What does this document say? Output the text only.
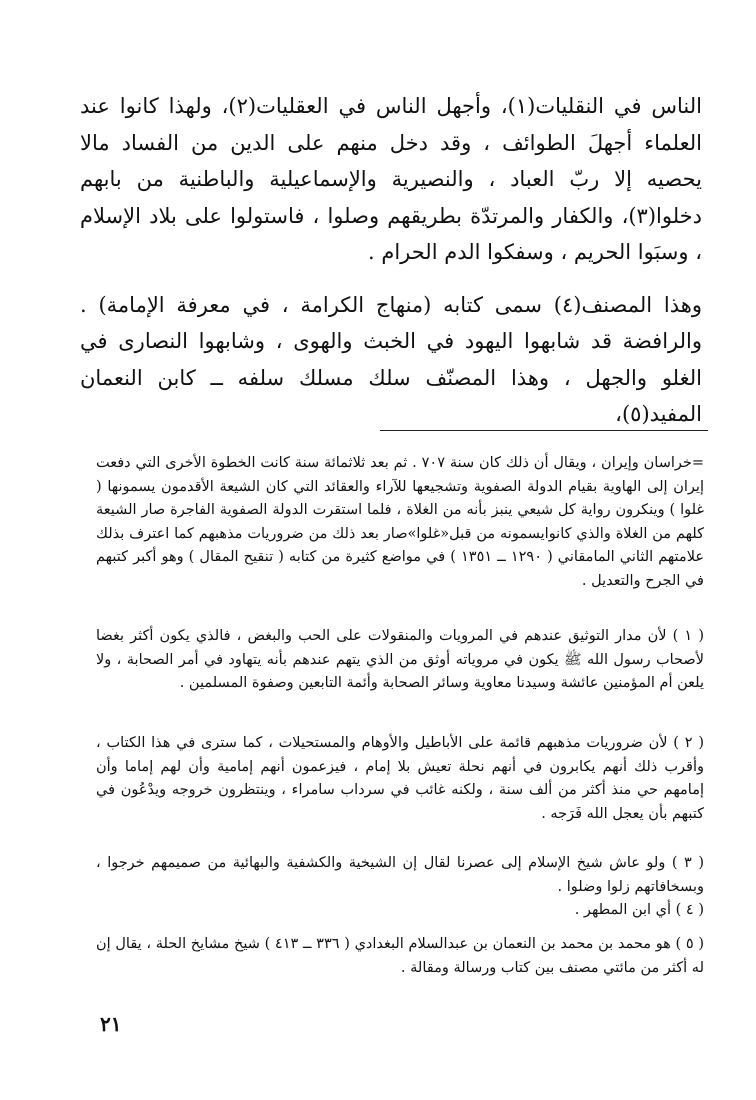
الناس في النقليات(١)، وأجهل الناس في العقليات(٢)، ولهذا كانوا عند العلماء أجهلَ الطوائف ، وقد دخل منهم على الدين من الفساد مالا يحصيه إلا ربّ العباد ، والنصيرية والإسماعيلية والباطنية من بابهم دخلوا(٣)، والكفار والمرتدّة بطريقهم وصلوا ، فاستولوا على بلاد الإسلام ، وسبَوا الحريم ، وسفكوا الدم الحرام .

وهذا المصنف(٤) سمى كتابه (منهاج الكرامة ، في معرفة الإمامة) . والرافضة قد شابهوا اليهود في الخبث والهوى ، وشابهوا النصارى في الغلو والجهل ، وهذا المصنّف سلك مسلك سلفه ــ كابن النعمان المفيد(٥)،

=خراسان وإيران ، ويقال أن ذلك كان سنة ٧٠٧ . ثم بعد ثلاثمائة سنة كانت الخطوة الأخرى التي دفعت إيران إلى الهاوية بقيام الدولة الصفوية وتشجيعها للآراء والعقائد التي كان الشيعة الأقدمون يسمونها ( غلوا ) وينكرون رواية كل شيعي ينبز بأنه من الغلاة ، فلما استقرت الدولة الصفوية الفاجرة صار الشيعة كلهم من الغلاة والذي كانوايسمونه من قبل«غلوا»صار بعد ذلك من ضروريات مذهبهم كما اعترف بذلك علامتهم الثاني المامقاني ( ١٢٩٠ ــ ١٣٥١ ) في مواضع كثيرة من كتابه ( تنقيح المقال ) وهو أكبر كتبهم في الجرح والتعديل .

( ١ ) لأن مدار التوثيق عندهم في المرويات والمنقولات على الحب والبغض ، فالذي يكون أكثر بغضا لأصحاب رسول الله ﷺ يكون في مروياته أوثق من الذي يتهم عندهم بأنه يتهاود في أمر الصحابة ، ولا يلعن أم المؤمنين عائشة وسيدنا معاوية وسائر الصحابة وأئمة التابعين وصفوة المسلمين .

( ٢ ) لأن ضروريات مذهبهم قائمة على الأباطيل والأوهام والمستحيلات ، كما سترى في هذا الكتاب ، وأقرب ذلك أنهم يكابرون في أنهم نحلة تعيش بلا إمام ، فيزعمون أنهم إمامية وأن لهم إماما وأن إمامهم حي منذ أكثر من ألف سنة ، ولكنه غائب في سرداب سامراء ، وينتظرون خروجه ويدْعُون في كتبهم بأن يعجل الله فَرَجه .

( ٣ ) ولو عاش شيخ الإسلام إلى عصرنا لقال إن الشيخية والكشفية والبهائية من صميمهم خرجوا ، وبسخافاتهم زلوا وضلوا .

( ٤ ) أي ابن المطهر .

( ٥ ) هو محمد بن محمد بن النعمان بن عبدالسلام البغدادي ( ٣٣٦ ــ ٤١٣ ) شيخ مشايخ الحلة ، يقال إن له أكثر من مائتي مصنف بين كتاب ورسالة ومقالة .

٢١
